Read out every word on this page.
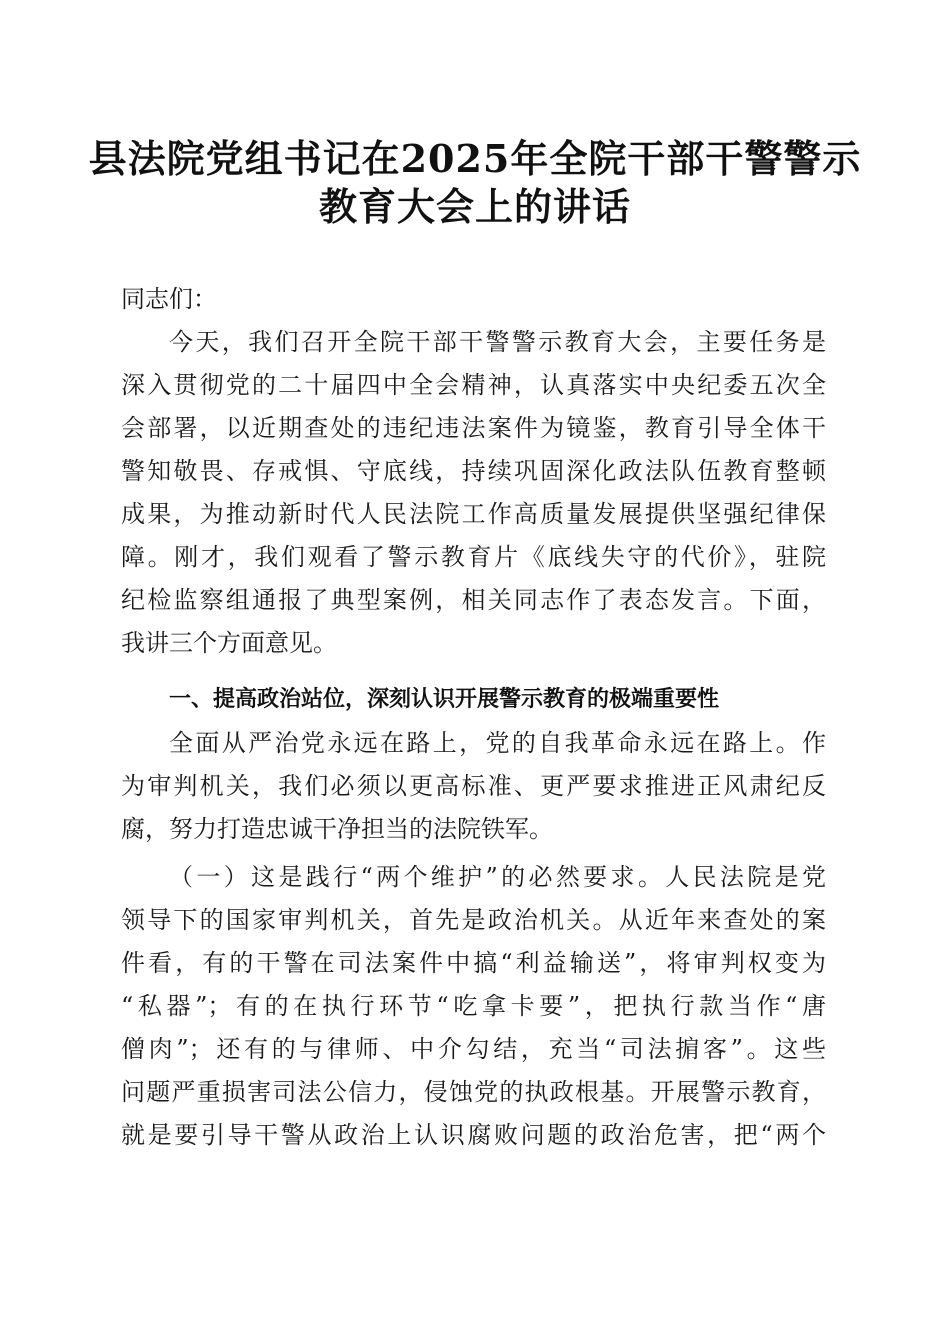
县法院党组书记在2025年全院干部干警警示
教育大会上的讲话
同志们：
今天，我们召开全院干部干警警示教育大会，主要任务是
深入贯彻党的二十届四中全会精神，认真落实中央纪委五次全
会部署，以近期查处的违纪违法案件为镜鉴，教育引导全体干
警知敬畏、存戒惧、守底线，持续巩固深化政法队伍教育整顿
成果，为推动新时代人民法院工作高质量发展提供坚强纪律保
障。刚才，我们观看了警示教育片《底线失守的代价》，驻院
纪检监察组通报了典型案例，相关同志作了表态发言。下面，
我讲三个方面意见。
一、提高政治站位，深刻认识开展警示教育的极端重要性
全面从严治党永远在路上，党的自我革命永远在路上。作
为审判机关，我们必须以更高标准、更严要求推进正风肃纪反
腐，努力打造忠诚干净担当的法院铁军。
（一）这是践行“两个维护”的必然要求。人民法院是党
领导下的国家审判机关，首先是政治机关。从近年来查处的案
件看，有的干警在司法案件中搞“利益输送”，将审判权变为
“私器”；有的在执行环节“吃拿卡要”，把执行款当作“唐
僧肉”；还有的与律师、中介勾结，充当“司法掮客”。这些
问题严重损害司法公信力，侵蚀党的执政根基。开展警示教育，
就是要引导干警从政治上认识腐败问题的政治危害，把“两个
